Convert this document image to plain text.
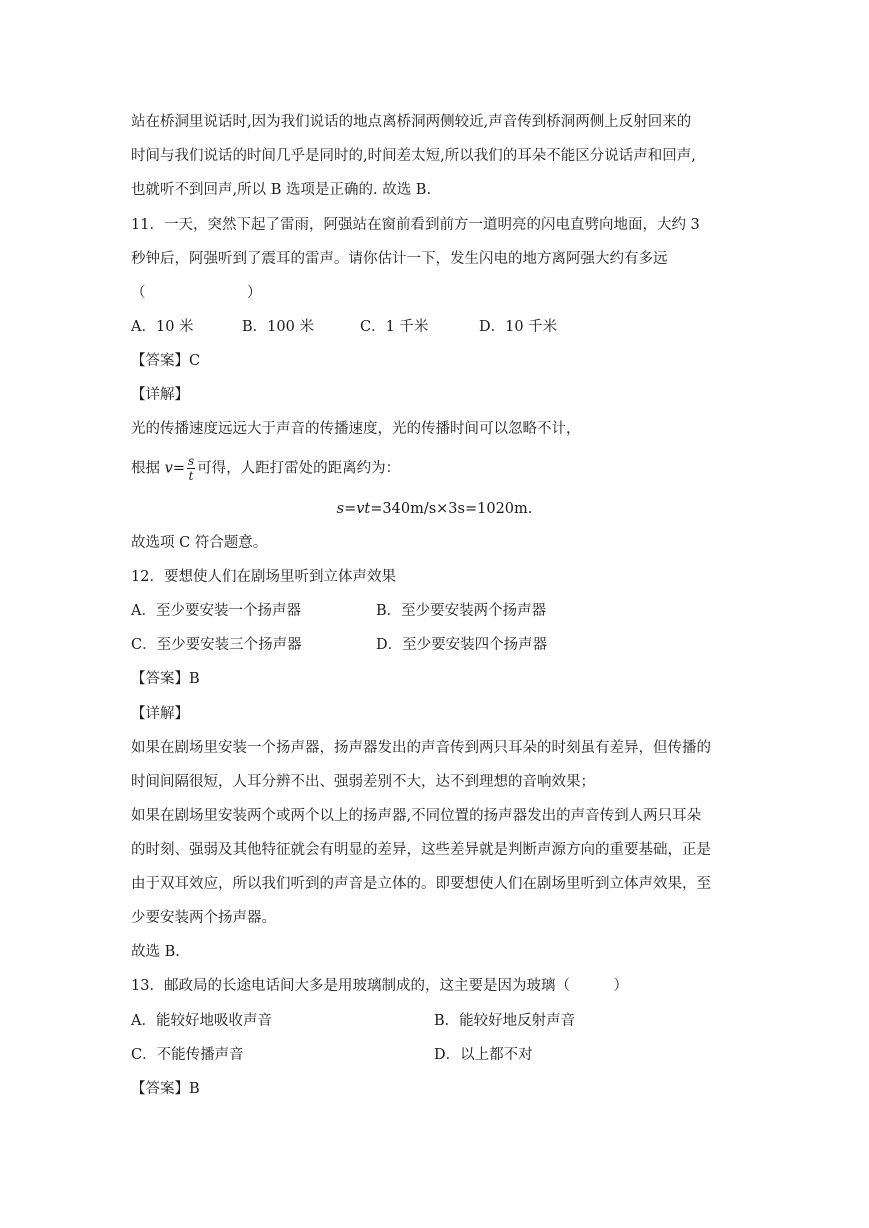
站在桥洞里说话时,因为我们说话的地点离桥洞两侧较近,声音传到桥洞两侧上反射回来的
时间与我们说话的时间几乎是同时的,时间差太短,所以我们的耳朵不能区分说话声和回声,
也就听不到回声,所以 B 选项是正确的. 故选 B.
11．一天，突然下起了雷雨，阿强站在窗前看到前方一道明亮的闪电直劈向地面，大约 3
秒钟后，阿强听到了震耳的雷声。请你估计一下，发生闪电的地方离阿强大约有多远
（　　　　　　　）
A．10 米	B．100 米	C．1 千米	D．10 千米
【答案】C
【详解】
光的传播速度远远大于声音的传播速度，光的传播时间可以忽略不计，
根据 $v= \frac{s}{t}$ 可得，人距打雷处的距离约为：
s=vt=340m/s×3s=1020m.
故选项 C 符合题意。
12．要想使人们在剧场里听到立体声效果
A．至少要安装一个扬声器	B．至少要安装两个扬声器
C．至少要安装三个扬声器	D．至少要安装四个扬声器
【答案】B
【详解】
如果在剧场里安装一个扬声器，扬声器发出的声音传到两只耳朵的时刻虽有差异，但传播的
时间间隔很短，人耳分辨不出、强弱差别不大，达不到理想的音响效果；
如果在剧场里安装两个或两个以上的扬声器,不同位置的扬声器发出的声音传到人两只耳朵
的时刻、强弱及其他特征就会有明显的差异，这些差异就是判断声源方向的重要基础，正是
由于双耳效应，所以我们听到的声音是立体的。即要想使人们在剧场里听到立体声效果，至
少要安装两个扬声器。
故选 B.
13．邮政局的长途电话间大多是用玻璃制成的，这主要是因为玻璃（　　　）
A．能较好地吸收声音	B．能较好地反射声音
C．不能传播声音	D．以上都不对
【答案】B
